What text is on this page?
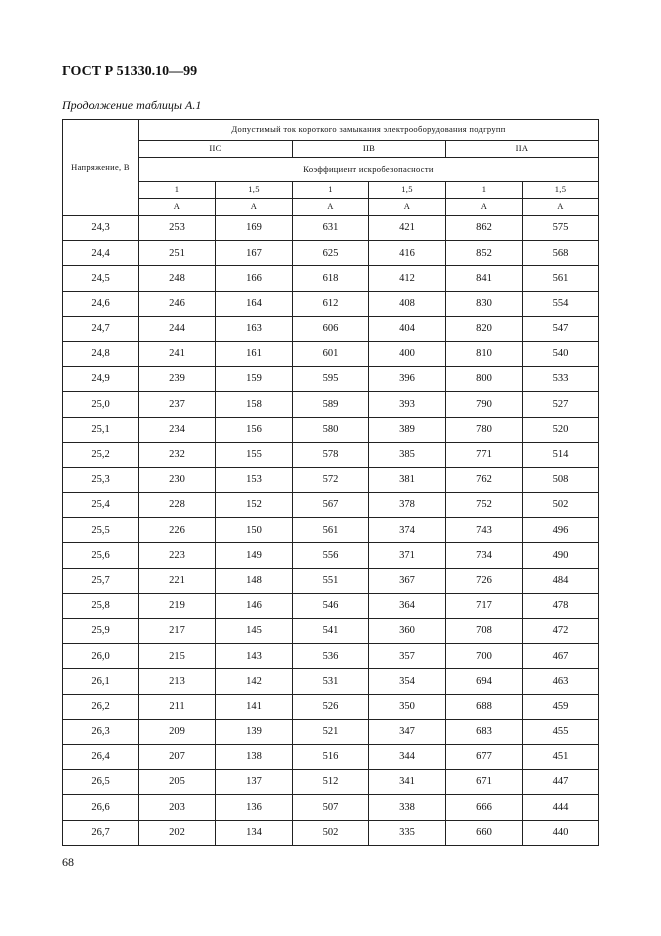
ГОСТ Р 51330.10—99
Продолжение таблицы А.1
Напряжение, В	Допустимый ток короткого замыкания электрооборудования подгрупп					
	IIC		IIB		IIA	
	Коэффициент искробезопасности					
	1	1,5	1	1,5	1	1,5
	А	А	А	А	А	А
24,3	253	169	631	421	862	575
24,4	251	167	625	416	852	568
24,5	248	166	618	412	841	561
24,6	246	164	612	408	830	554
24,7	244	163	606	404	820	547
24,8	241	161	601	400	810	540
24,9	239	159	595	396	800	533
25,0	237	158	589	393	790	527
25,1	234	156	580	389	780	520
25,2	232	155	578	385	771	514
25,3	230	153	572	381	762	508
25,4	228	152	567	378	752	502
25,5	226	150	561	374	743	496
25,6	223	149	556	371	734	490
25,7	221	148	551	367	726	484
25,8	219	146	546	364	717	478
25,9	217	145	541	360	708	472
26,0	215	143	536	357	700	467
26,1	213	142	531	354	694	463
26,2	211	141	526	350	688	459
26,3	209	139	521	347	683	455
26,4	207	138	516	344	677	451
26,5	205	137	512	341	671	447
26,6	203	136	507	338	666	444
26,7	202	134	502	335	660	440
68
